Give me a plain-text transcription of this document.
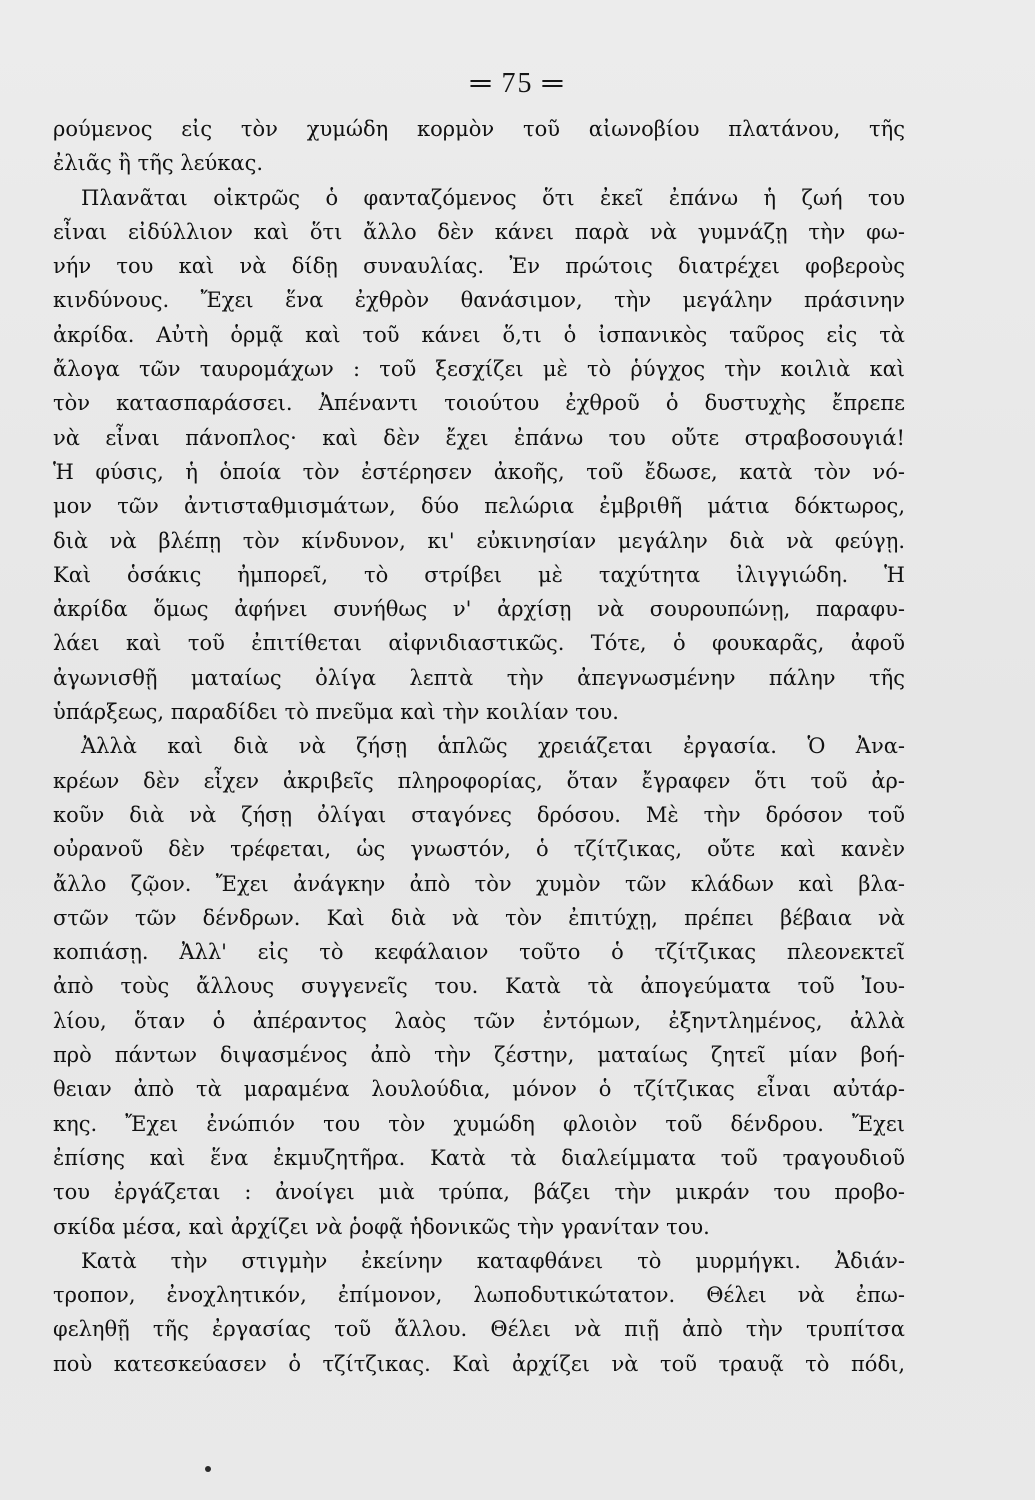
═ 75 ═
ρούμενος εἰς τὸν χυμώδη κορμὸν τοῦ αἰωνοβίου πλατάνου, τῆς
ἐλιᾶς ἢ τῆς λεύκας.
Πλανᾶται οἰκτρῶς ὁ φανταζόμενος ὅτι ἐκεῖ ἐπάνω ἡ ζωή του
εἶναι εἰδύλλιον καὶ ὅτι ἄλλο δὲν κάνει παρὰ νὰ γυμνάζῃ τὴν φω-
νήν του καὶ νὰ δίδῃ συναυλίας. Ἐν πρώτοις διατρέχει φοβεροὺς
κινδύνους. Ἔχει ἕνα ἐχθρὸν θανάσιμον, τὴν μεγάλην πράσινην
ἀκρίδα. Αὐτὴ ὁρμᾷ καὶ τοῦ κάνει ὅ,τι ὁ ἰσπανικὸς ταῦρος εἰς τὰ
ἄλογα τῶν ταυρομάχων : τοῦ ξεσχίζει μὲ τὸ ῥύγχος τὴν κοιλιὰ καὶ
τὸν κατασπαράσσει. Ἀπέναντι τοιούτου ἐχθροῦ ὁ δυστυχὴς ἔπρεπε
νὰ εἶναι πάνοπλος· καὶ δὲν ἔχει ἐπάνω του οὔτε στραβοσουγιά!
Ἡ φύσις, ἡ ὁποία τὸν ἐστέρησεν ἀκοῆς, τοῦ ἔδωσε, κατὰ τὸν νό-
μον τῶν ἀντισταθμισμάτων, δύο πελώρια ἐμβριθῆ μάτια δόκτωρος,
διὰ νὰ βλέπῃ τὸν κίνδυνον, κι' εὐκινησίαν μεγάλην διὰ νὰ φεύγῃ.
Καὶ ὁσάκις ἠμπορεῖ, τὸ στρίβει μὲ ταχύτητα ἰλιγγιώδη. Ἡ
ἀκρίδα ὅμως ἀφήνει συνήθως ν' ἀρχίσῃ νὰ σουρουπώνῃ, παραφυ-
λάει καὶ τοῦ ἐπιτίθεται αἰφνιδιαστικῶς. Τότε, ὁ φουκαρᾶς, ἀφοῦ
ἀγωνισθῇ ματαίως ὀλίγα λεπτὰ τὴν ἀπεγνωσμένην πάλην τῆς
ὑπάρξεως, παραδίδει τὸ πνεῦμα καὶ τὴν κοιλίαν του.
Ἀλλὰ καὶ διὰ νὰ ζήσῃ ἁπλῶς χρειάζεται ἐργασία. Ὁ Ἀνα-
κρέων δὲν εἶχεν ἀκριβεῖς πληροφορίας, ὅταν ἔγραφεν ὅτι τοῦ ἀρ-
κοῦν διὰ νὰ ζήσῃ ὀλίγαι σταγόνες δρόσου. Μὲ τὴν δρόσον τοῦ
οὐρανοῦ δὲν τρέφεται, ὡς γνωστόν, ὁ τζίτζικας, οὔτε καὶ κανὲν
ἄλλο ζῷον. Ἔχει ἀνάγκην ἀπὸ τὸν χυμὸν τῶν κλάδων καὶ βλα-
στῶν τῶν δένδρων. Καὶ διὰ νὰ τὸν ἐπιτύχῃ, πρέπει βέβαια νὰ
κοπιάσῃ. Ἀλλ' εἰς τὸ κεφάλαιον τοῦτο ὁ τζίτζικας πλεονεκτεῖ
ἀπὸ τοὺς ἄλλους συγγενεῖς του. Κατὰ τὰ ἀπογεύματα τοῦ Ἰου-
λίου, ὅταν ὁ ἀπέραντος λαὸς τῶν ἐντόμων, ἐξηντλημένος, ἀλλὰ
πρὸ πάντων διψασμένος ἀπὸ τὴν ζέστην, ματαίως ζητεῖ μίαν βοή-
θειαν ἀπὸ τὰ μαραμένα λουλούδια, μόνον ὁ τζίτζικας εἶναι αὐτάρ-
κης. Ἔχει ἐνώπιόν του τὸν χυμώδη φλοιὸν τοῦ δένδρου. Ἔχει
ἐπίσης καὶ ἕνα ἐκμυζητῆρα. Κατὰ τὰ διαλείμματα τοῦ τραγουδιοῦ
του ἐργάζεται : ἀνοίγει μιὰ τρύπα, βάζει τὴν μικράν του προβο-
σκίδα μέσα, καὶ ἀρχίζει νὰ ῥοφᾷ ἡδονικῶς τὴν γρανίταν του.
Κατὰ τὴν στιγμὴν ἐκείνην καταφθάνει τὸ μυρμήγκι. Ἀδιάν-
τροπον, ἐνοχλητικόν, ἐπίμονον, λωποδυτικώτατον. Θέλει νὰ ἐπω-
φεληθῇ τῆς ἐργασίας τοῦ ἄλλου. Θέλει νὰ πιῇ ἀπὸ τὴν τρυπίτσα
ποὺ κατεσκεύασεν ὁ τζίτζικας. Καὶ ἀρχίζει νὰ τοῦ τραυᾷ τὸ πόδι,
